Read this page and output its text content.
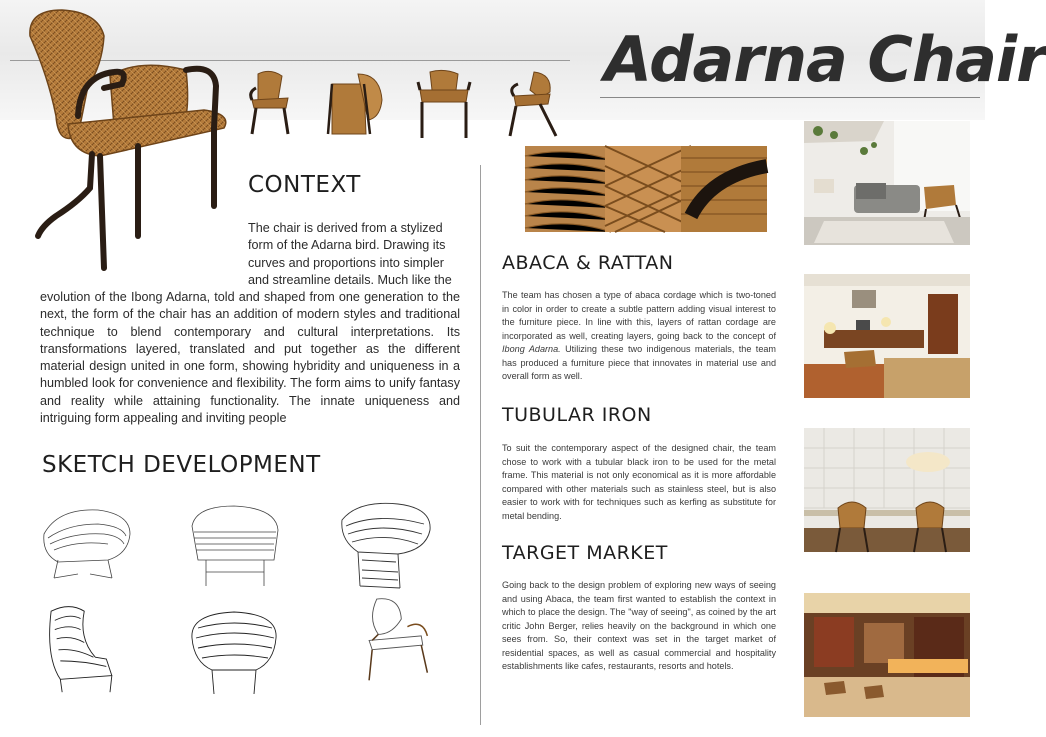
Adarna Chair
CONTEXT
The chair is derived from a stylized form of the Adarna bird. Drawing its curves and proportions into simpler and streamline details. Much like the
evolution of the Ibong Adarna, told and shaped from one generation to the next, the form of the chair has an addition of modern styles and traditional technique to blend contemporary and cultural interpretations. Its transformations layered, translated and put together as the different material design united in one form, showing hybridity and uniqueness in a humbled look for convenience and flexibility. The form aims to unify fantasy and reality while attaining functionality. The innate uniqueness and intriguing form appealing and inviting people
SKETCH DEVELOPMENT
ABACA & RATTAN
The team has chosen a type of abaca cordage which is two-toned in color in order to create a subtle pattern adding visual interest to the furniture piece. In line with this, layers of rattan cordage are incorporated as well, creating layers, going back to the concept of Ibong Adarna. Utilizing these two indigenous materials, the team has produced a furniture piece that innovates in material use and overall form as well.
TUBULAR IRON
To suit the contemporary aspect of the designed chair, the team chose to work with a tubular black iron to be used for the metal frame. This material is not only economical as it is more affordable compared with other materials such as stainless steel, but is also easier to work with for techniques such as kerfing as substitute for metal bending.
TARGET MARKET
Going back to the design problem of exploring new ways of seeing and using Abaca, the team first wanted to establish the context in which to place the design. The "way of seeing", as coined by the art critic John Berger, relies heavily on the background in which one sees from. So, their context was set in the target market of residential spaces, as well as casual commercial and hospitality establishments like cafes, restaurants, resorts and hotels.
